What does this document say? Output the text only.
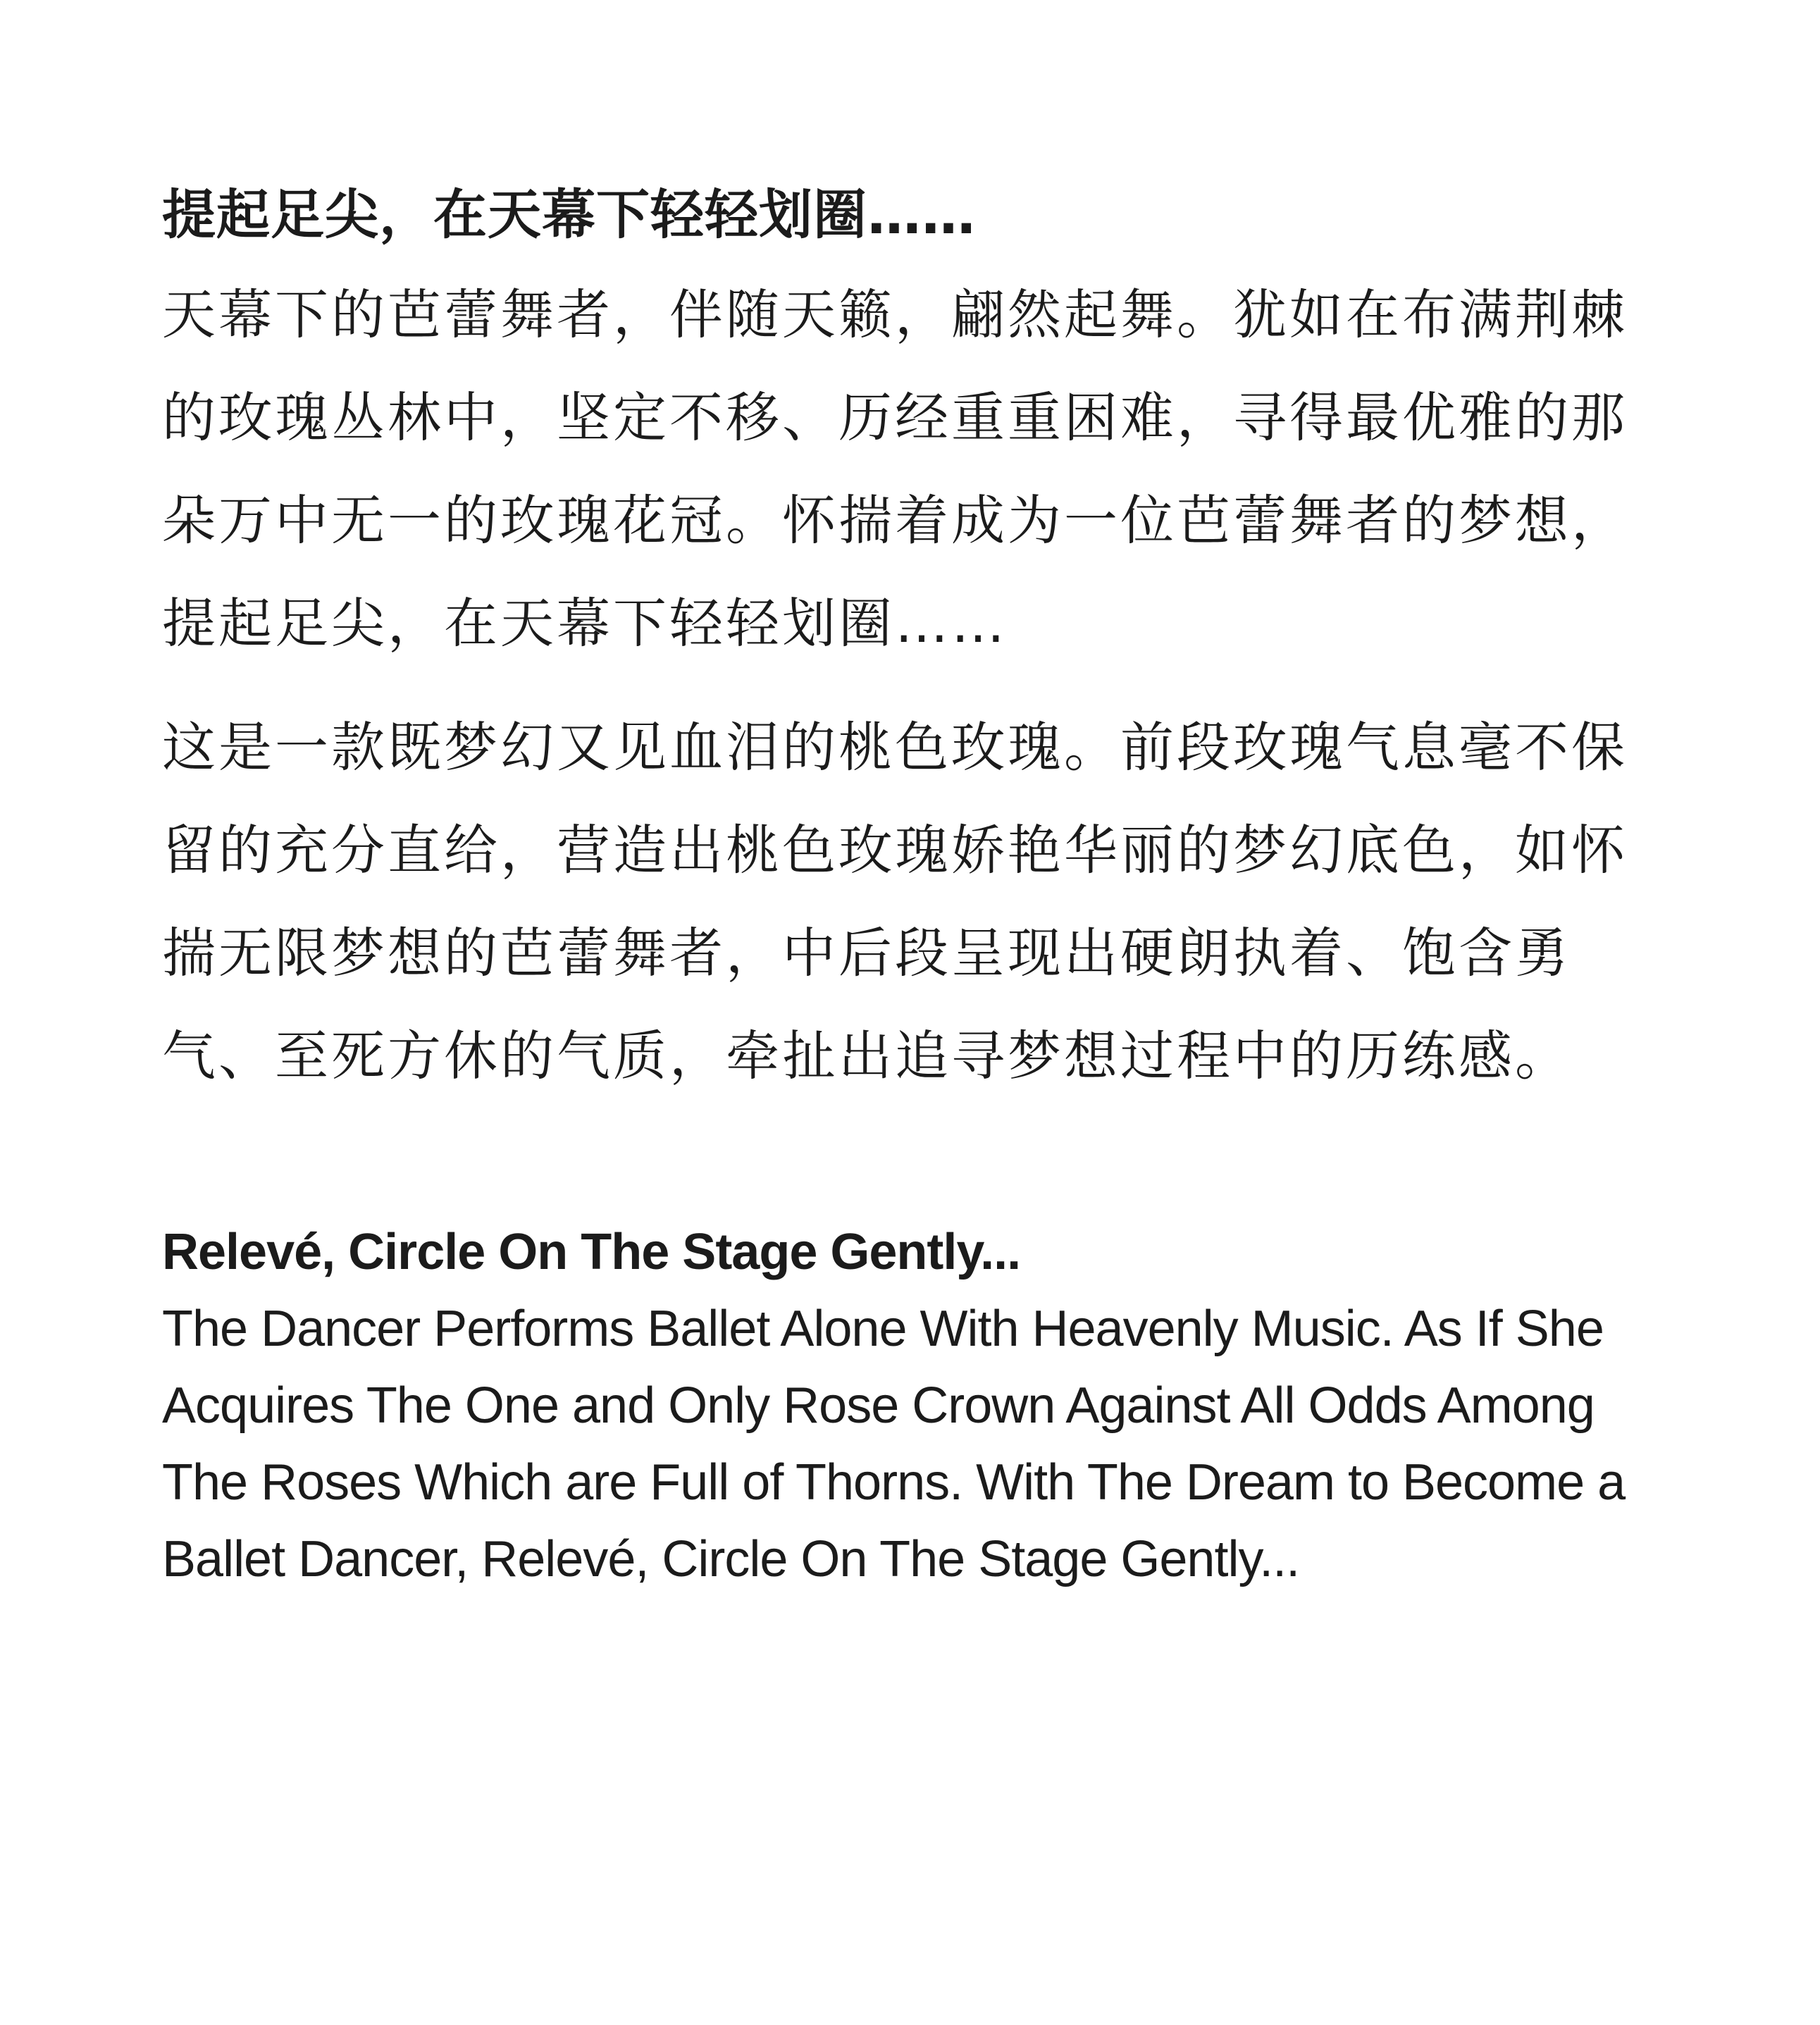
提起足尖，在天幕下轻轻划圈……

天幕下的芭蕾舞者，伴随天籁，翩然起舞。犹如在布满荆棘的玫瑰丛林中，坚定不移、历经重重困难，寻得最优雅的那朵万中无一的玫瑰花冠。怀揣着成为一位芭蕾舞者的梦想，提起足尖，在天幕下轻轻划圈……

这是一款既梦幻又见血泪的桃色玫瑰。前段玫瑰气息毫不保留的充分直给，营造出桃色玫瑰娇艳华丽的梦幻底色，如怀揣无限梦想的芭蕾舞者，中后段呈现出硬朗执着、饱含勇气、至死方休的气质，牵扯出追寻梦想过程中的历练感。

Relevé, Circle On The Stage Gently...

The Dancer Performs Ballet Alone With Heavenly Music. As If She Acquires The One and Only Rose Crown Against All Odds Among The Roses Which are Full of Thorns. With The Dream to Become a Ballet Dancer, Relevé, Circle On The Stage Gently...
